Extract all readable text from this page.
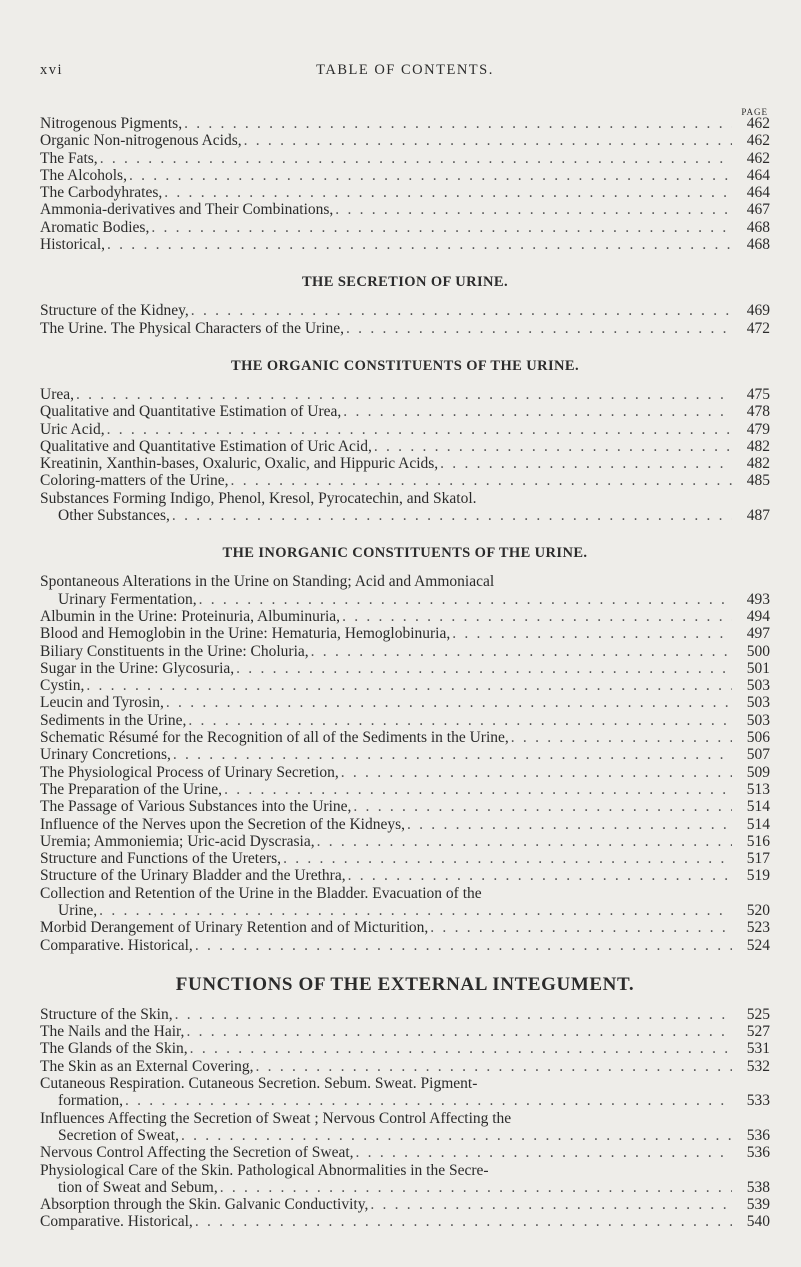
xvi	TABLE OF CONTENTS.
PAGE
Nitrogenous Pigments, . . .	462
Organic Non-nitrogenous Acids, . . .	462
The Fats, . . .	462
The Alcohols, . . .	464
The Carbodyhrates, . . .	464
Ammonia-derivatives and Their Combinations, . . .	467
Aromatic Bodies, . . .	468
Historical, . . .	468
THE SECRETION OF URINE.
Structure of the Kidney, . . .	469
The Urine. The Physical Characters of the Urine, . . .	472
THE ORGANIC CONSTITUENTS OF THE URINE.
Urea, . . .	475
Qualitative and Quantitative Estimation of Urea, . . .	478
Uric Acid, . . .	479
Qualitative and Quantitative Estimation of Uric Acid, . . .	482
Kreatinin, Xanthin-bases, Oxaluric, Oxalic, and Hippuric Acids, . . .	482
Coloring-matters of the Urine, . . .	485
Substances Forming Indigo, Phenol, Kresol, Pyrocatechin, and Skatol.
Other Substances, . . .	487
THE INORGANIC CONSTITUENTS OF THE URINE.
Spontaneous Alterations in the Urine on Standing; Acid and Ammoniacal
Urinary Fermentation, . . .	493
Albumin in the Urine: Proteinuria, Albuminuria, . . .	494
Blood and Hemoglobin in the Urine: Hematuria, Hemoglobinuria, . . .	497
Biliary Constituents in the Urine: Choluria, . . .	500
Sugar in the Urine: Glycosuria, . . .	501
Cystin, . . .	503
Leucin and Tyrosin, . . .	503
Sediments in the Urine, . . .	503
Schematic Résumé for the Recognition of all of the Sediments in the Urine, . . .	506
Urinary Concretions, . . .	507
The Physiological Process of Urinary Secretion, . . .	509
The Preparation of the Urine, . . .	513
The Passage of Various Substances into the Urine, . . .	514
Influence of the Nerves upon the Secretion of the Kidneys, . . .	514
Uremia; Ammoniemia; Uric-acid Dyscrasia, . . .	516
Structure and Functions of the Ureters, . . .	517
Structure of the Urinary Bladder and the Urethra, . . .	519
Collection and Retention of the Urine in the Bladder. Evacuation of the
Urine, . . .	520
Morbid Derangement of Urinary Retention and of Micturition, . . .	523
Comparative. Historical, . . .	524
FUNCTIONS OF THE EXTERNAL INTEGUMENT.
Structure of the Skin, . . .	525
The Nails and the Hair, . . .	527
The Glands of the Skin, . . .	531
The Skin as an External Covering, . . .	532
Cutaneous Respiration. Cutaneous Secretion. Sebum. Sweat. Pigment-
formation, . . .	533
Influences Affecting the Secretion of Sweat ; Nervous Control Affecting the
Secretion of Sweat, . . .	536
Nervous Control Affecting the Secretion of Sweat, . . .	536
Physiological Care of the Skin. Pathological Abnormalities in the Secre-
tion of Sweat and Sebum, . . .	538
Absorption through the Skin. Galvanic Conductivity, . . .	539
Comparative. Historical, . . .	540
